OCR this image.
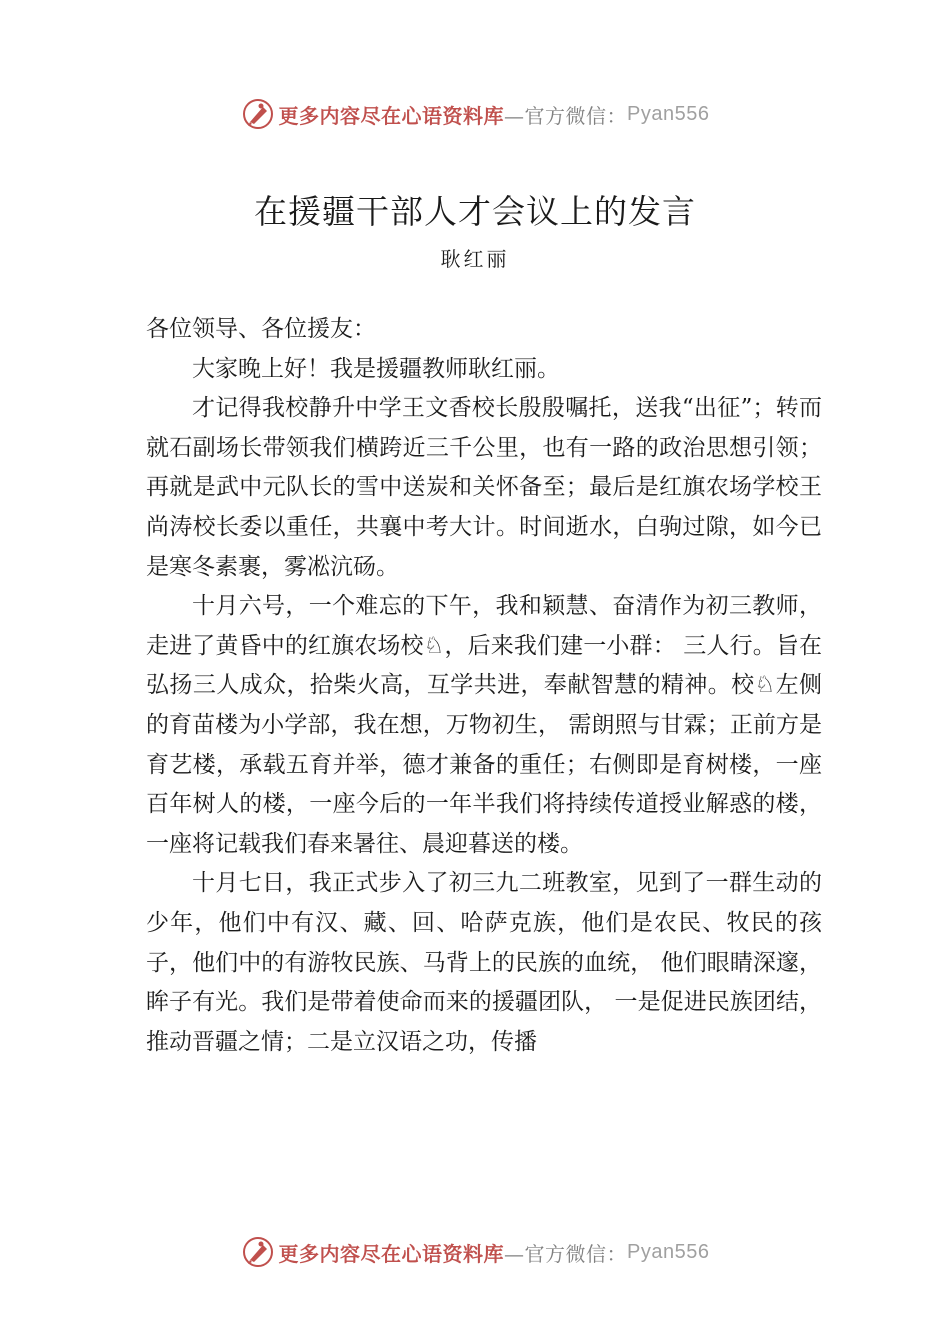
更多内容尽在心语资料库 —官方微信： Pyan556
在援疆干部人才会议上的发言
耿红丽

各位领导、各位援友：

大家晚上好！我是援疆教师耿红丽。

才记得我校静升中学王文香校长殷殷嘱托，送我“出征”；转而就石副场长带领我们横跨近三千公里，也有一路的政治思想引领；再就是武中元队长的雪中送炭和关怀备至；最后是红旗农场学校王尚涛校长委以重任，共襄中考大计。时间逝水，白驹过隙，如今已是寒冬素裹，雾凇沆砀。

十月六号，一个难忘的下午，我和颖慧、奋清作为初三教师，走进了黄昏中的红旗农场校♘，后来我们建一小群： 三人行。旨在弘扬三人成众，拾柴火高，互学共进，奉献智慧的精神。校♘左侧的育苗楼为小学部，我在想，万物初生， 需朗照与甘霖；正前方是育艺楼，承载五育并举，德才兼备的重任；右侧即是育树楼，一座百年树人的楼，一座今后的一年半我们将持续传道授业解惑的楼，一座将记载我们春来暑往、晨迎暮送的楼。

十月七日，我正式步入了初三九二班教室，见到了一群生动的少年，他们中有汉、藏、回、哈萨克族，他们是农民、牧民的孩子，他们中的有游牧民族、马背上的民族的血统， 他们眼睛深邃，眸子有光。我们是带着使命而来的援疆团队， 一是促进民族团结，推动晋疆之情；二是立汉语之功，传播

更多内容尽在心语资料库 —官方微信： Pyan556
